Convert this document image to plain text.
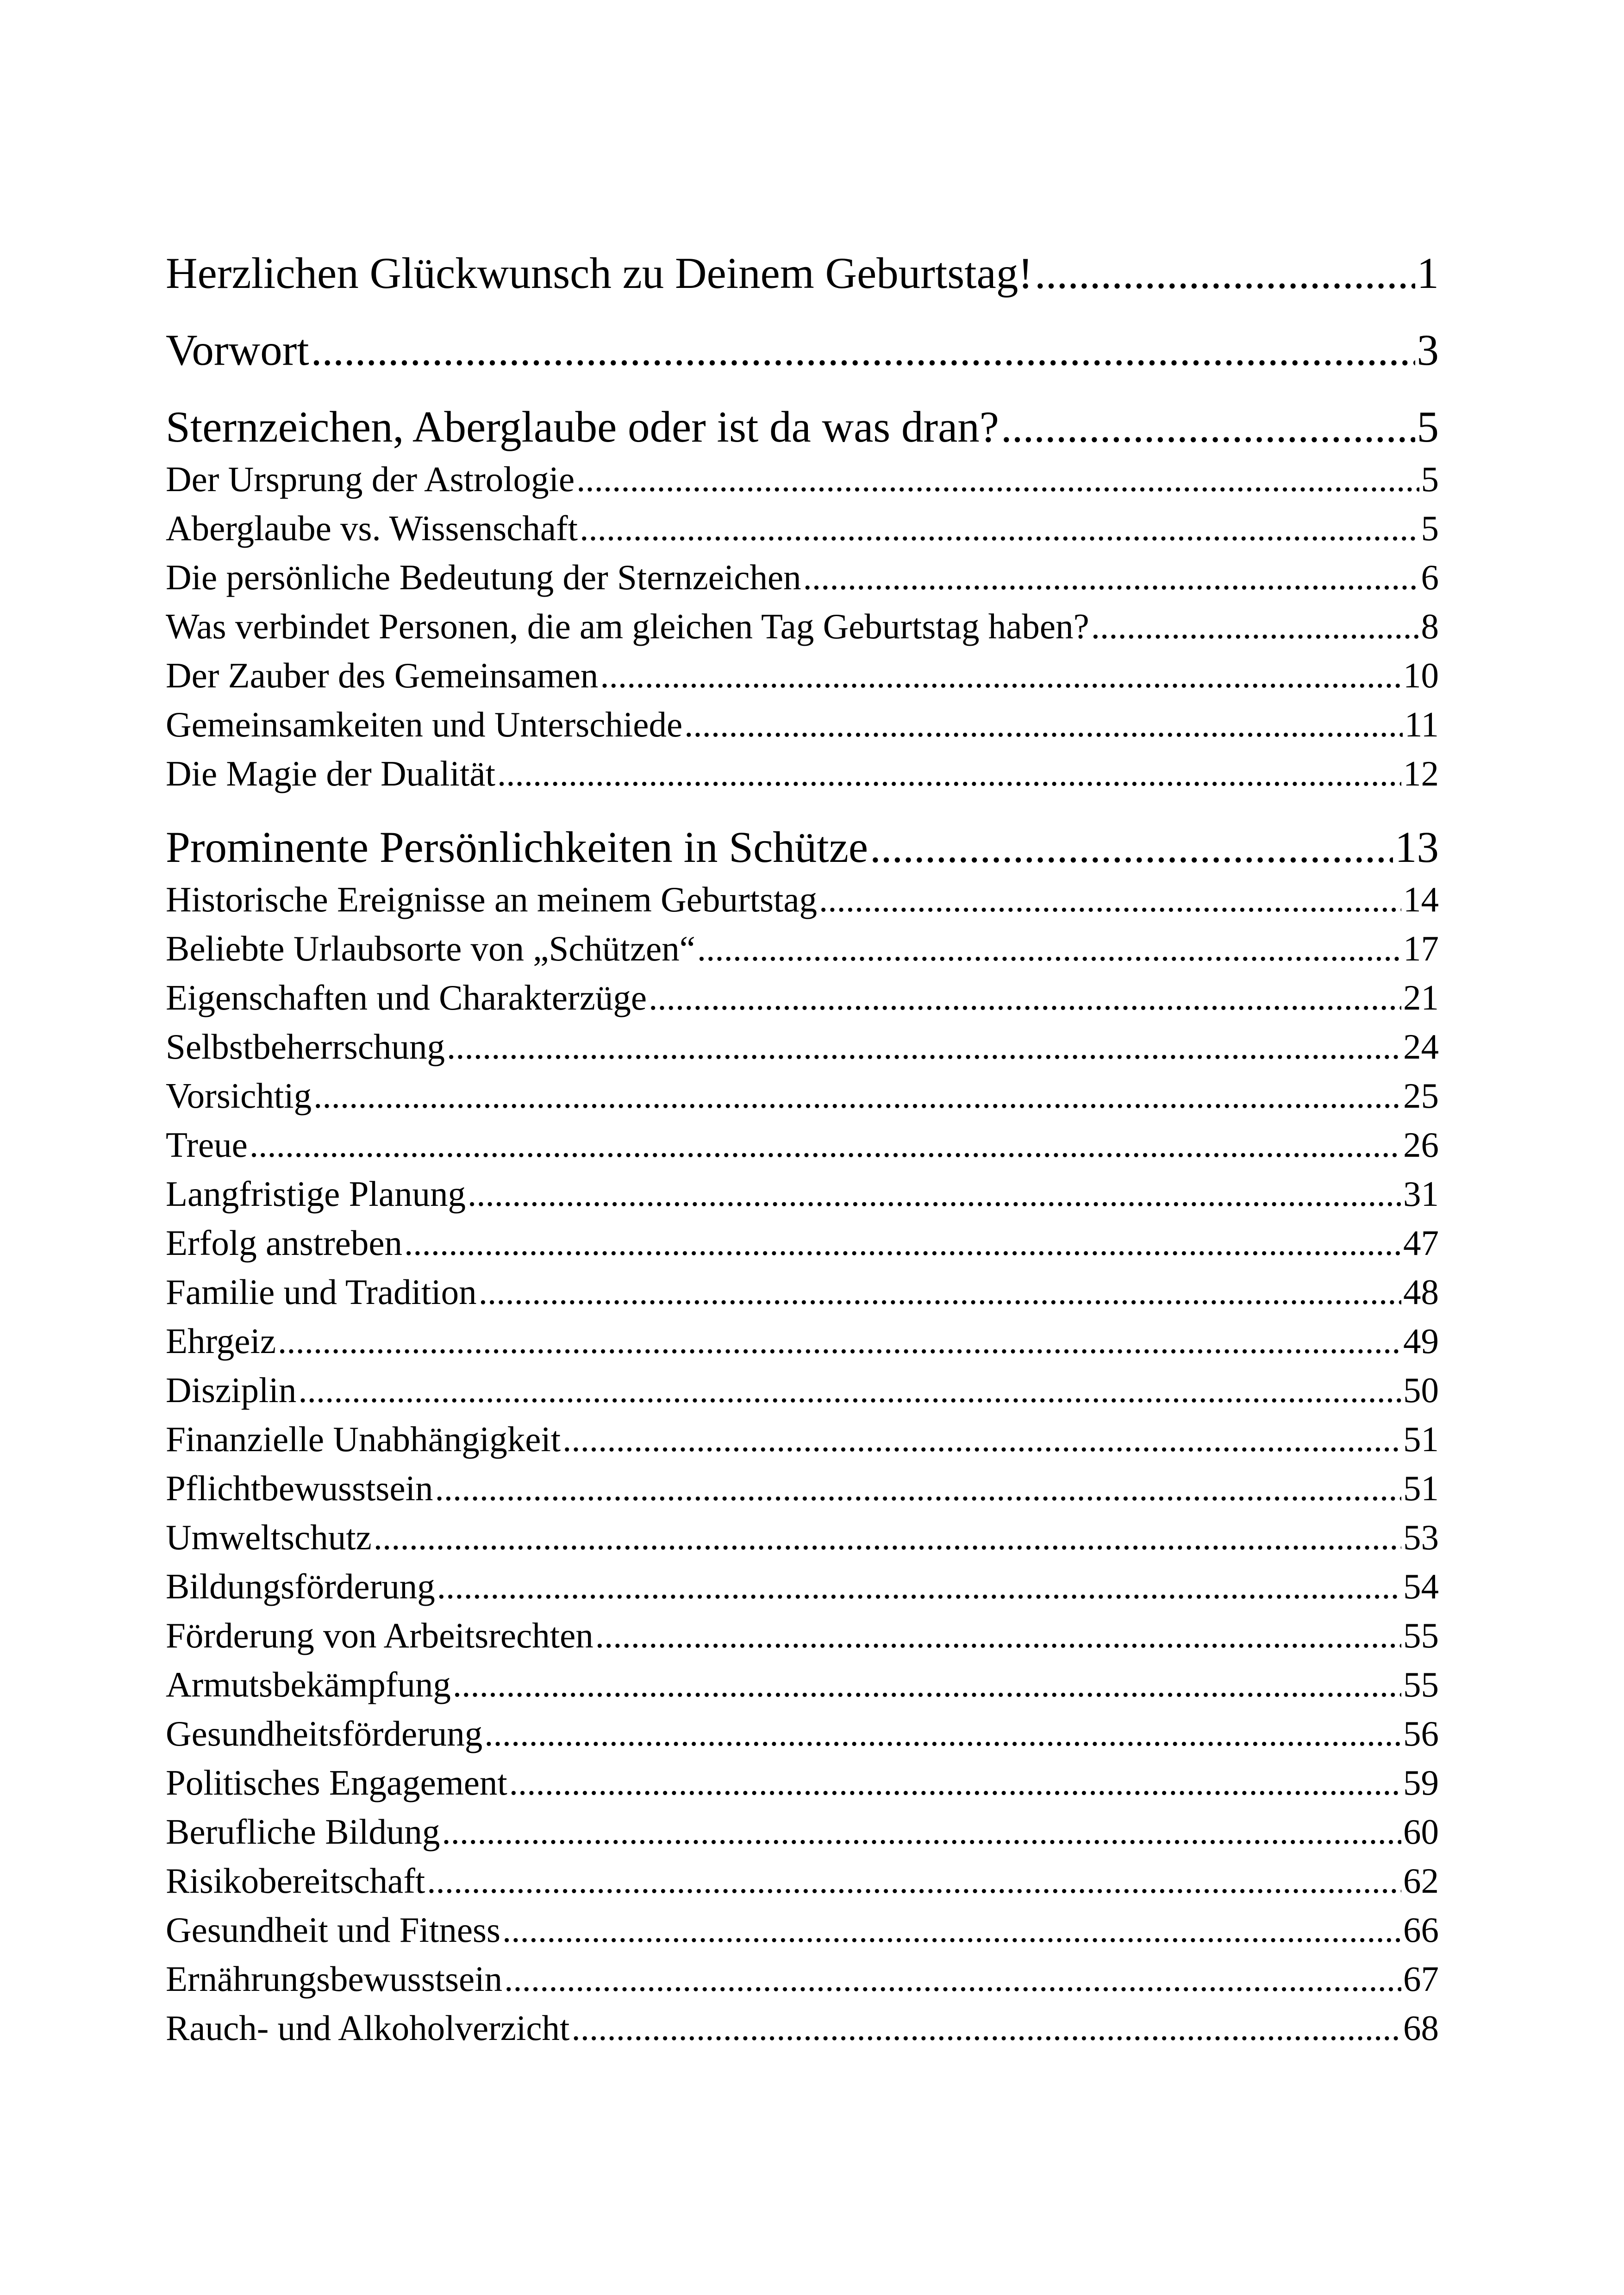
Herzlichen Glückwunsch zu Deinem Geburtstag! .....	1
Vorwort .....	3
Sternzeichen, Aberglaube oder ist da was dran? .....	5
Der Ursprung der Astrologie .....	5
Aberglaube vs. Wissenschaft .....	5
Die persönliche Bedeutung der Sternzeichen .....	6
Was verbindet Personen, die am gleichen Tag Geburtstag haben? .....	8
Der Zauber des Gemeinsamen .....	10
Gemeinsamkeiten und Unterschiede .....	11
Die Magie der Dualität .....	12
Prominente Persönlichkeiten in Schütze .....	13
Historische Ereignisse an meinem Geburtstag .....	14
Beliebte Urlaubsorte von „Schützen“ .....	17
Eigenschaften und Charakterzüge .....	21
Selbstbeherrschung .....	24
Vorsichtig .....	25
Treue .....	26
Langfristige Planung .....	31
Erfolg anstreben .....	47
Familie und Tradition .....	48
Ehrgeiz .....	49
Disziplin .....	50
Finanzielle Unabhängigkeit .....	51
Pflichtbewusstsein .....	51
Umweltschutz .....	53
Bildungsförderung .....	54
Förderung von Arbeitsrechten .....	55
Armutsbekämpfung .....	55
Gesundheitsförderung .....	56
Politisches Engagement .....	59
Berufliche Bildung .....	60
Risikobereitschaft .....	62
Gesundheit und Fitness .....	66
Ernährungsbewusstsein .....	67
Rauch- und Alkoholverzicht .....	68
